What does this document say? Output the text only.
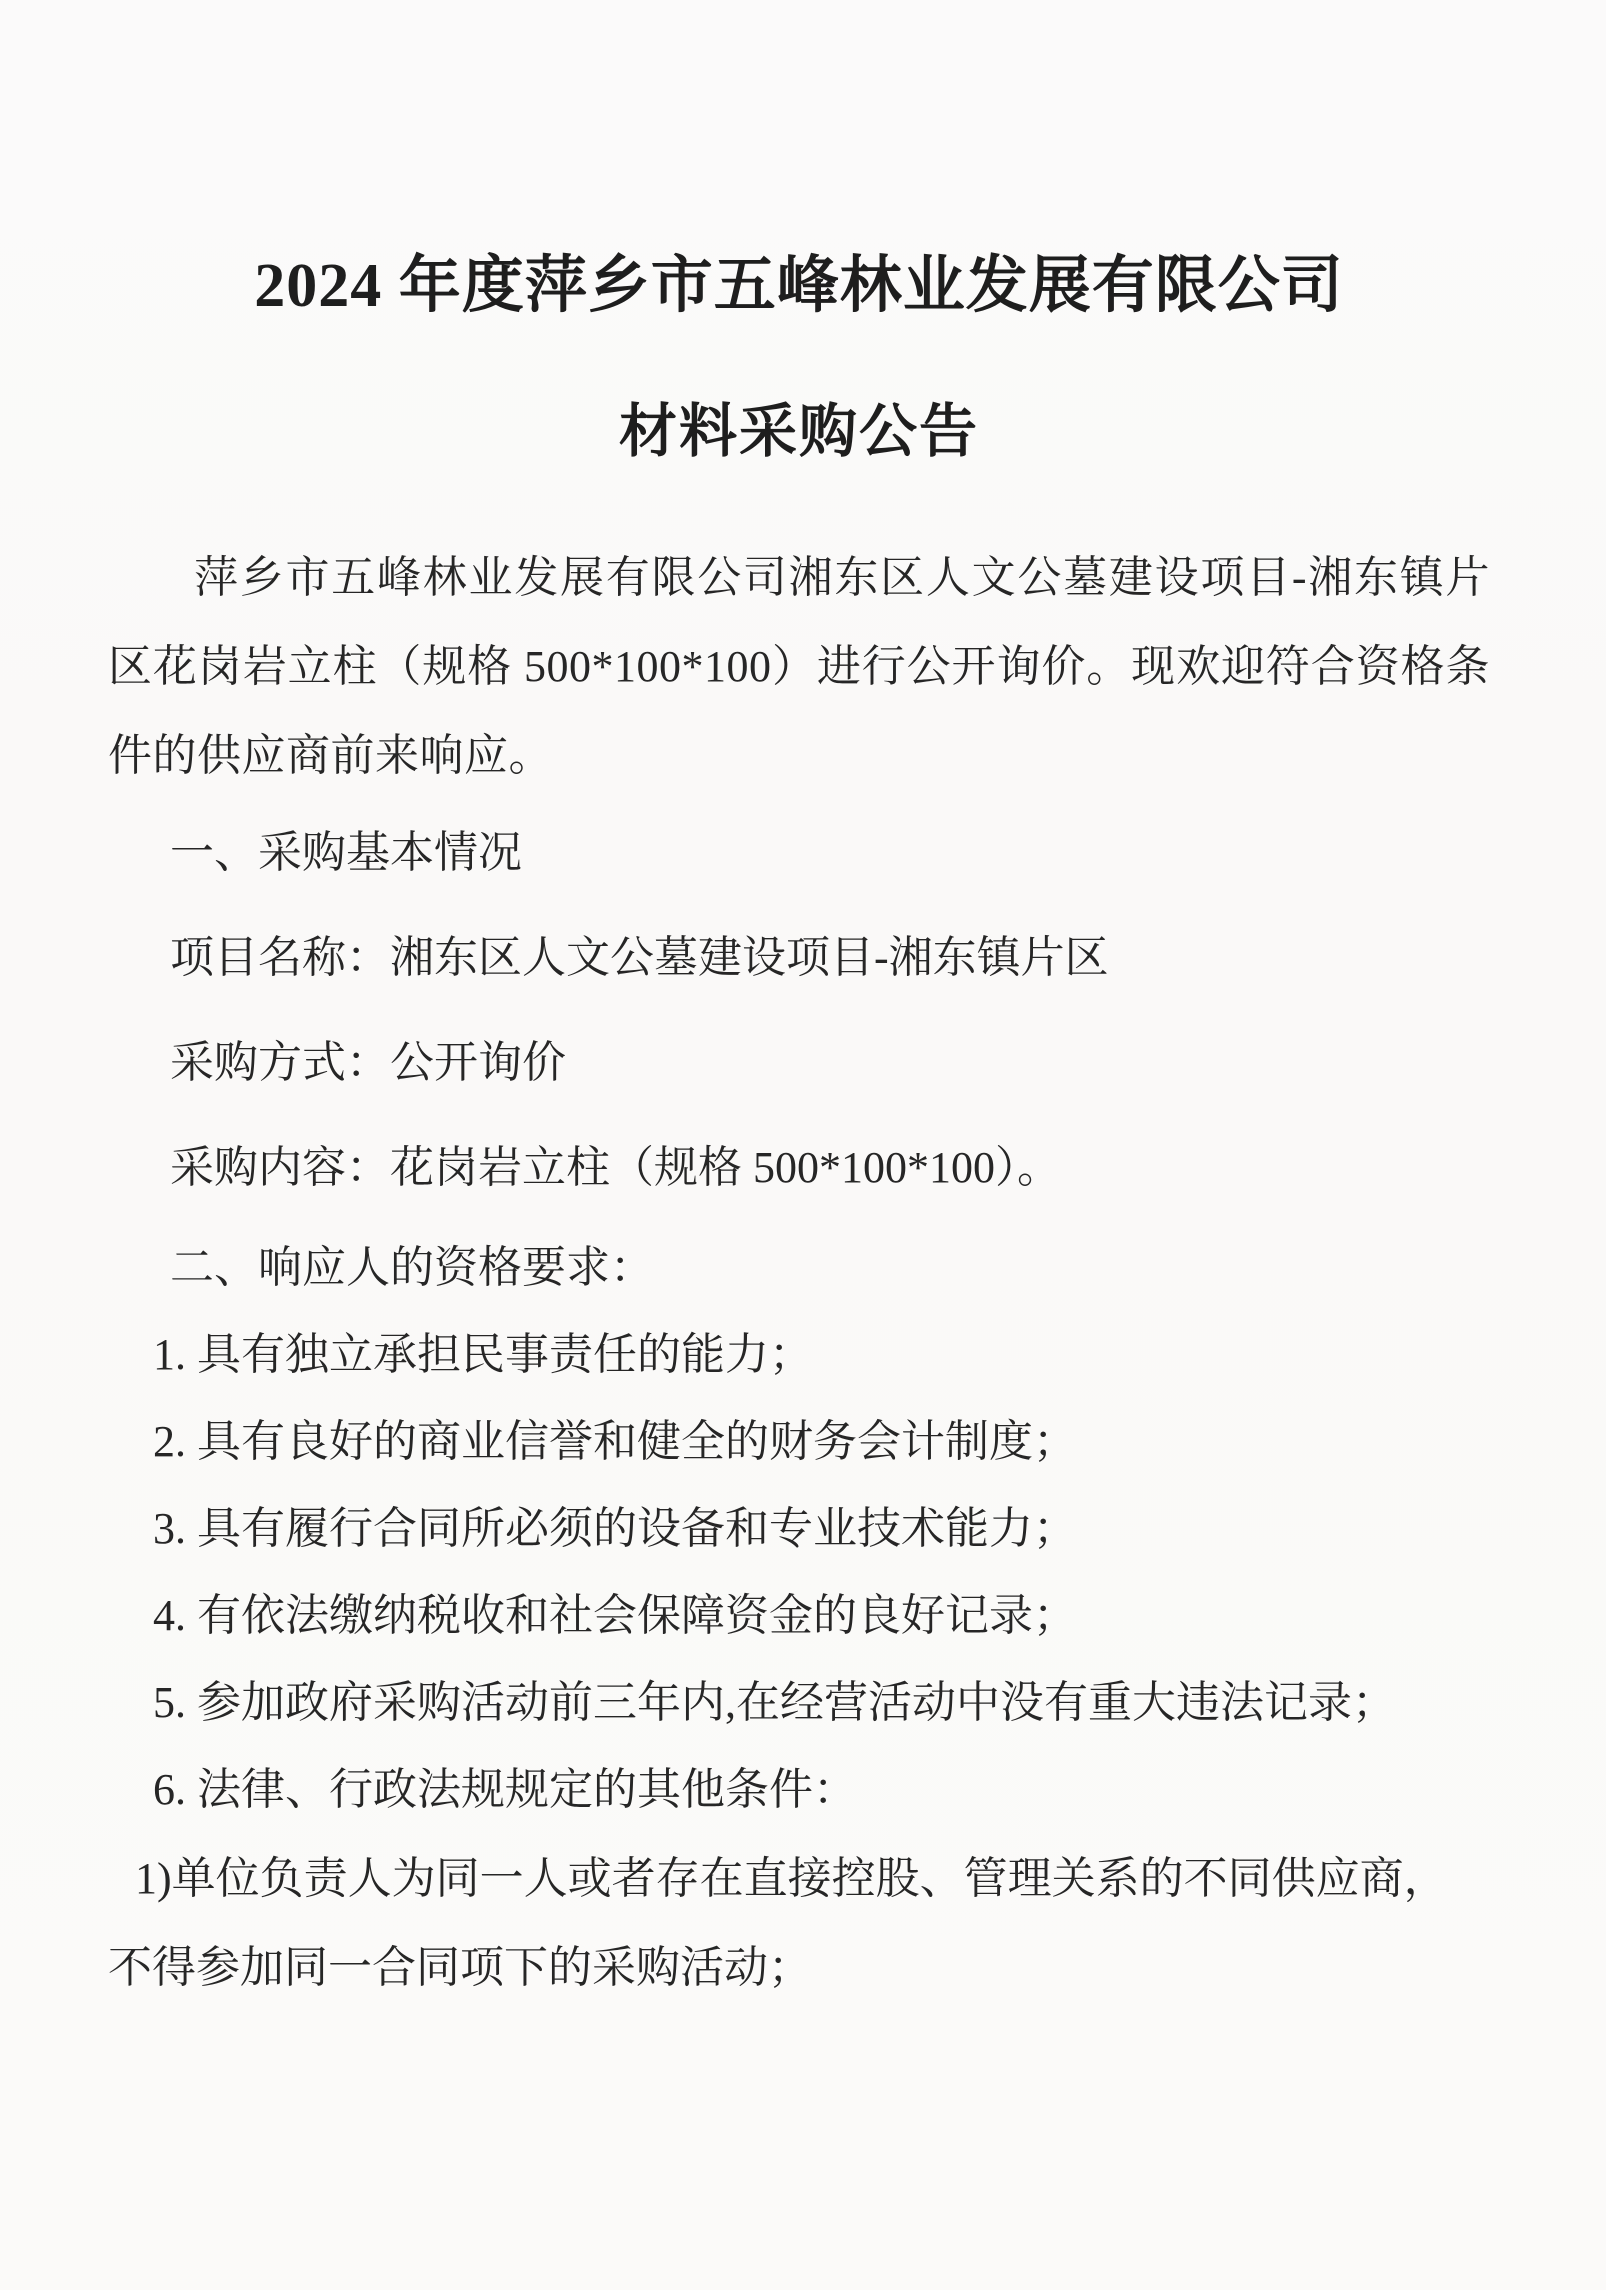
2024 年度萍乡市五峰林业发展有限公司
材料采购公告

萍乡市五峰林业发展有限公司湘东区人文公墓建设项目-湘东镇片区花岗岩立柱（规格 500*100*100）进行公开询价。现欢迎符合资格条件的供应商前来响应。

一、采购基本情况

项目名称：湘东区人文公墓建设项目-湘东镇片区

采购方式：公开询价

采购内容：花岗岩立柱（规格 500*100*100）。

二、响应人的资格要求：

1. 具有独立承担民事责任的能力；

2. 具有良好的商业信誉和健全的财务会计制度；

3. 具有履行合同所必须的设备和专业技术能力；

4. 有依法缴纳税收和社会保障资金的良好记录；

5. 参加政府采购活动前三年内,在经营活动中没有重大违法记录；

6. 法律、行政法规规定的其他条件：

1)单位负责人为同一人或者存在直接控股、管理关系的不同供应商，

不得参加同一合同项下的采购活动；
